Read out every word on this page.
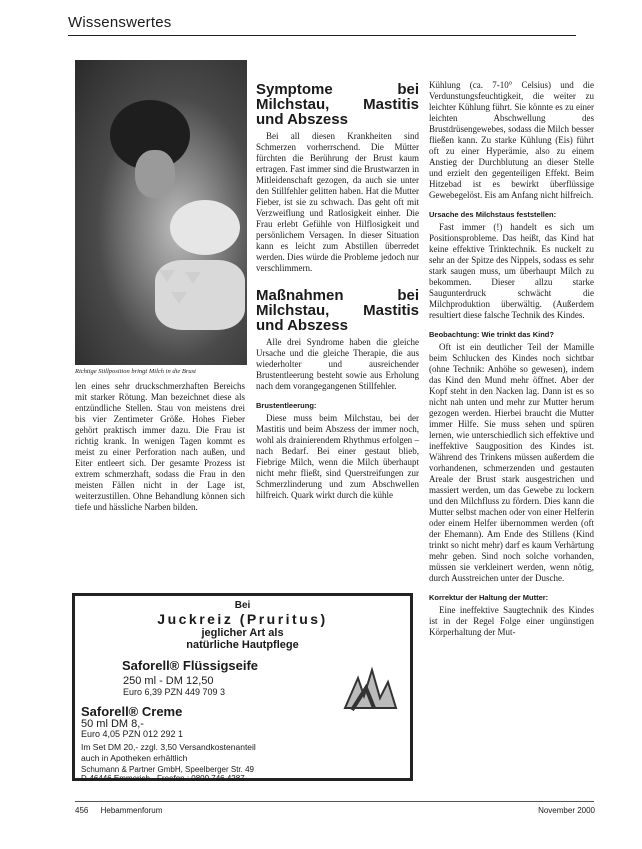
Wissenswertes
Richtige Stillposition bringt Milch in die Brust

len eines sehr druckschmerzhaften Bereichs mit starker Rötung. Man bezeichnet diese als entzündliche Stellen. Stau von meistens drei bis vier Zentimeter Größe. Hohes Fieber gehört praktisch immer dazu. Die Frau ist richtig krank. In wenigen Tagen kommt es meist zu einer Perforation nach außen, und Eiter entleert sich. Der gesamte Prozess ist extrem schmerzhaft, sodass die Frau in den meisten Fällen nicht in der Lage ist, weiterzustillen. Ohne Behandlung können sich tiefe und hässliche Narben bilden.

Symptome bei Milchstau, Mastitis und Abszess

Bei all diesen Krankheiten sind Schmerzen vorherrschend. Die Mütter fürchten die Berührung der Brust kaum ertragen. Fast immer sind die Brustwarzen in Mitleidenschaft gezogen, da auch sie unter den Stillfehler gelitten haben. Hat die Mutter Fieber, ist sie zu schwach. Das geht oft mit Verzweiflung und Ratlosigkeit einher. Die Frau erlebt Gefühle von Hilflosigkeit und persönlichem Versagen. In dieser Situation kann es leicht zum Abstillen überredet werden. Dies würde die Probleme jedoch nur verschlimmern.

Maßnahmen bei Milchstau, Mastitis und Abszess

Alle drei Syndrome haben die gleiche Ursache und die gleiche Therapie, die aus wiederholter und ausreichender Brustentleerung besteht sowie aus Erholung nach dem vorangegangenen Stillfehler.

Brustentleerung:

Diese muss beim Milchstau, bei der Mastitis und beim Abszess der immer noch, wohl als drainierendem Rhythmus erfolgen – nach Bedarf. Bei einer gestaut blieb, Fiebrige Milch, wenn die Milch überhaupt nicht mehr fließt, sind Querstreifungen zur Schmerzlinderung und zum Abschwellen hilfreich. Quark wirkt durch die kühle

Kühlung (ca. 7-10° Celsius) und die Verdunstungsfeuchtigkeit, die weiter zu leichter Kühlung führt. Sie könnte es zu einer leichten Abschwellung des Brustdrüsengewebes, sodass die Milch besser fließen kann. Zu starke Kühlung (Eis) führt oft zu einer Hyperämie, also zu einem Anstieg der Durchblutung an dieser Stelle und erzielt den gegenteiligen Effekt. Beim Hitzebad ist es bewirkt überflüssige Gewebegelöst. Eis am Anfang nicht hilfreich.

Ursache des Milchstaus feststellen:

Fast immer (!) handelt es sich um Positionsprobleme. Das heißt, das Kind hat keine effektive Trinktechnik. Es nuckelt zu sehr an der Spitze des Nippels, sodass es sehr stark saugen muss, um überhaupt Milch zu bekommen. Dieser allzu starke Saugunterdruck schwächt die Milchproduktion überwältig. (Außerdem resultiert diese falsche Technik des Kindes.

Beobachtung: Wie trinkt das Kind?

Oft ist ein deutlicher Teil der Mamille beim Schlucken des Kindes noch sichtbar (ohne Technik: Anhöhe so gewesen), indem das Kind den Mund mehr öffnet. Aber der Kopf steht in den Nacken lag. Dann ist es so nicht nah unten und mehr zur Mutter herum gezogen werden. Hierbei braucht die Mutter immer Hilfe. Sie muss sehen und spüren lernen, wie unterschiedlich sich effektive und ineffektive Saugposition des Kindes ist. Während des Trinkens müssen außerdem die vorhandenen, schmerzenden und gestauten Areale der Brust stark ausgestrichen und massiert werden, um das Gewebe zu lockern und den Milchfluss zu fördern. Dies kann die Mutter selbst machen oder von einer Helferin oder einem Helfer übernommen werden (oft der Ehemann). Am Ende des Stillens (Kind trinkt so nicht mehr) darf es kaum Verhärtung mehr geben. Sind noch solche vorhanden, müssen sie verkleinert werden, wenn nötig, durch Ausstreichen unter der Dusche.

Korrektur der Haltung der Mutter:

Eine ineffektive Saugtechnik des Kindes ist in der Regel Folge einer ungünstigen Körperhaltung der Mut-

Bei
Juckreiz (Pruritus)
jeglicher Art als
natürliche Hautpflege
Saforell® Flüssigseife
250 ml - DM 12,50
Euro 6,39 PZN 449 709 3
Saforell® Creme
50 ml DM 8,-
Euro 4,05 PZN 012 292 1
Im Set DM 20,- zzgl. 3,50 Versandkostenanteil
auch in Apotheken erhältlich
Schumann & Partner GmbH, Speelberger Str. 49
D-46446 Emmerich · Freefon : 0800 746 4287
456 Hebammenforum	November 2000
